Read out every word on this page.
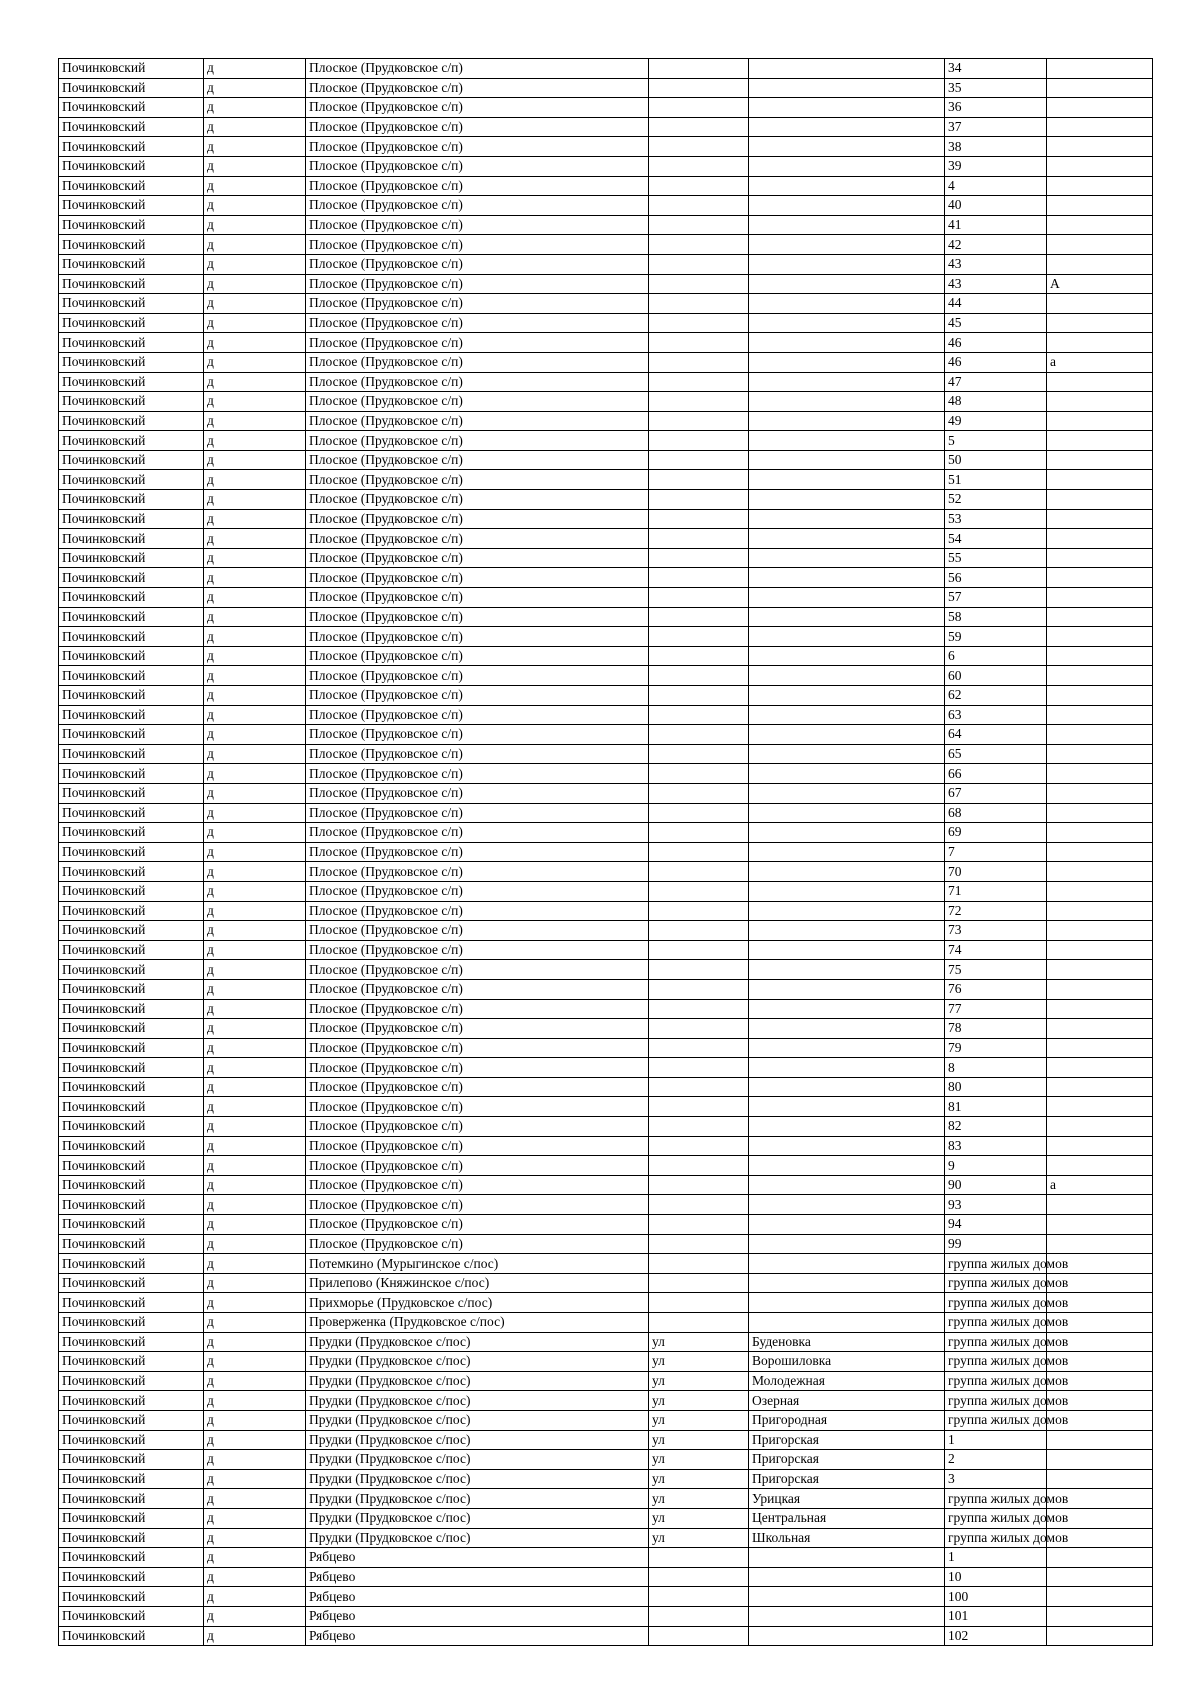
Починковский	д	Плоское (Прудковское с/п)			34	
Починковский	д	Плоское (Прудковское с/п)			35	
Починковский	д	Плоское (Прудковское с/п)			36	
Починковский	д	Плоское (Прудковское с/п)			37	
Починковский	д	Плоское (Прудковское с/п)			38	
Починковский	д	Плоское (Прудковское с/п)			39	
Починковский	д	Плоское (Прудковское с/п)			4	
Починковский	д	Плоское (Прудковское с/п)			40	
Починковский	д	Плоское (Прудковское с/п)			41	
Починковский	д	Плоское (Прудковское с/п)			42	
Починковский	д	Плоское (Прудковское с/п)			43	
Починковский	д	Плоское (Прудковское с/п)			43	А
Починковский	д	Плоское (Прудковское с/п)			44	
Починковский	д	Плоское (Прудковское с/п)			45	
Починковский	д	Плоское (Прудковское с/п)			46	
Починковский	д	Плоское (Прудковское с/п)			46	а
Починковский	д	Плоское (Прудковское с/п)			47	
Починковский	д	Плоское (Прудковское с/п)			48	
Починковский	д	Плоское (Прудковское с/п)			49	
Починковский	д	Плоское (Прудковское с/п)			5	
Починковский	д	Плоское (Прудковское с/п)			50	
Починковский	д	Плоское (Прудковское с/п)			51	
Починковский	д	Плоское (Прудковское с/п)			52	
Починковский	д	Плоское (Прудковское с/п)			53	
Починковский	д	Плоское (Прудковское с/п)			54	
Починковский	д	Плоское (Прудковское с/п)			55	
Починковский	д	Плоское (Прудковское с/п)			56	
Починковский	д	Плоское (Прудковское с/п)			57	
Починковский	д	Плоское (Прудковское с/п)			58	
Починковский	д	Плоское (Прудковское с/п)			59	
Починковский	д	Плоское (Прудковское с/п)			6	
Починковский	д	Плоское (Прудковское с/п)			60	
Починковский	д	Плоское (Прудковское с/п)			62	
Починковский	д	Плоское (Прудковское с/п)			63	
Починковский	д	Плоское (Прудковское с/п)			64	
Починковский	д	Плоское (Прудковское с/п)			65	
Починковский	д	Плоское (Прудковское с/п)			66	
Починковский	д	Плоское (Прудковское с/п)			67	
Починковский	д	Плоское (Прудковское с/п)			68	
Починковский	д	Плоское (Прудковское с/п)			69	
Починковский	д	Плоское (Прудковское с/п)			7	
Починковский	д	Плоское (Прудковское с/п)			70	
Починковский	д	Плоское (Прудковское с/п)			71	
Починковский	д	Плоское (Прудковское с/п)			72	
Починковский	д	Плоское (Прудковское с/п)			73	
Починковский	д	Плоское (Прудковское с/п)			74	
Починковский	д	Плоское (Прудковское с/п)			75	
Починковский	д	Плоское (Прудковское с/п)			76	
Починковский	д	Плоское (Прудковское с/п)			77	
Починковский	д	Плоское (Прудковское с/п)			78	
Починковский	д	Плоское (Прудковское с/п)			79	
Починковский	д	Плоское (Прудковское с/п)			8	
Починковский	д	Плоское (Прудковское с/п)			80	
Починковский	д	Плоское (Прудковское с/п)			81	
Починковский	д	Плоское (Прудковское с/п)			82	
Починковский	д	Плоское (Прудковское с/п)			83	
Починковский	д	Плоское (Прудковское с/п)			9	
Починковский	д	Плоское (Прудковское с/п)			90	а
Починковский	д	Плоское (Прудковское с/п)			93	
Починковский	д	Плоское (Прудковское с/п)			94	
Починковский	д	Плоское (Прудковское с/п)			99	
Починковский	д	Потемкино (Мурыгинское с/пос)			группа жилых домов	
Починковский	д	Прилепово (Княжинское с/пос)			группа жилых домов	
Починковский	д	Прихморье (Прудковское с/пос)			группа жилых домов	
Починковский	д	Проверженка (Прудковское с/пос)			группа жилых домов	
Починковский	д	Прудки (Прудковское с/пос)	ул	Буденовка	группа жилых домов	
Починковский	д	Прудки (Прудковское с/пос)	ул	Ворошиловка	группа жилых домов	
Починковский	д	Прудки (Прудковское с/пос)	ул	Молодежная	группа жилых домов	
Починковский	д	Прудки (Прудковское с/пос)	ул	Озерная	группа жилых домов	
Починковский	д	Прудки (Прудковское с/пос)	ул	Пригородная	группа жилых домов	
Починковский	д	Прудки (Прудковское с/пос)	ул	Пригорская	1	
Починковский	д	Прудки (Прудковское с/пос)	ул	Пригорская	2	
Починковский	д	Прудки (Прудковское с/пос)	ул	Пригорская	3	
Починковский	д	Прудки (Прудковское с/пос)	ул	Урицкая	группа жилых домов	
Починковский	д	Прудки (Прудковское с/пос)	ул	Центральная	группа жилых домов	
Починковский	д	Прудки (Прудковское с/пос)	ул	Школьная	группа жилых домов	
Починковский	д	Рябцево			1	
Починковский	д	Рябцево			10	
Починковский	д	Рябцево			100	
Починковский	д	Рябцево			101	
Починковский	д	Рябцево			102	
